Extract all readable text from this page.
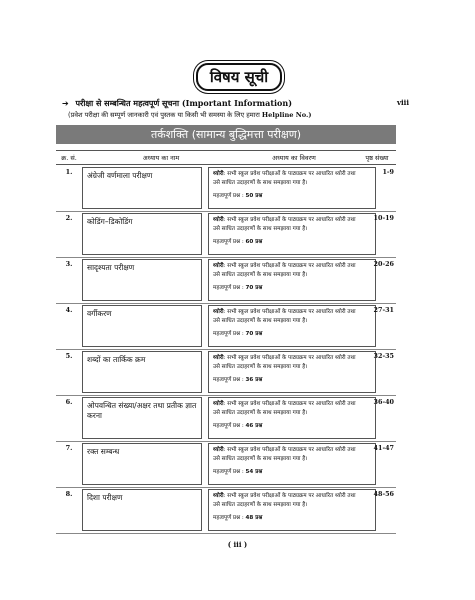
विषय सूची
➔ परीक्षा से सम्बन्धित महत्वपूर्ण सूचना (Important Information)	viii
(प्रवेश परीक्षा की सम्पूर्ण जानकारी एवं पुस्तक या किसी भी समस्या के लिए हमारा Helpline No.)
तर्कशक्ति (सामान्य बुद्धिमत्ता परीक्षण)
क्र. सं.	अध्याय का नाम	अध्याय का विवरण	पृष्ठ संख्या
1.	अंग्रेजी वर्णमाला परीक्षण	थ्योरी: सभी स्कूल प्रवेश परीक्षाओं के पाठ्यक्रम पर आधारित थ्योरी तथा
उसे साधित उदाहरणों के साथ समझाया गया है।
महत्वपूर्ण प्रश्न : 50 प्रश्न
1-9
2.	कोडिंग–डिकोडिंग	थ्योरी: सभी स्कूल प्रवेश परीक्षाओं के पाठ्यक्रम पर आधारित थ्योरी तथा
उसे साधित उदाहरणों के साथ समझाया गया है।
महत्वपूर्ण प्रश्न : 60 प्रश्न
10-19
3.	सादृश्यता परीक्षण	थ्योरी: सभी स्कूल प्रवेश परीक्षाओं के पाठ्यक्रम पर आधारित थ्योरी तथा
उसे साधित उदाहरणों के साथ समझाया गया है।
महत्वपूर्ण प्रश्न : 70 प्रश्न
20-26
4.	वर्गीकरण	थ्योरी: सभी स्कूल प्रवेश परीक्षाओं के पाठ्यक्रम पर आधारित थ्योरी तथा
उसे साधित उदाहरणों के साथ समझाया गया है।
महत्वपूर्ण प्रश्न : 70 प्रश्न
27-31
5.	शब्दों का तार्किक क्रम	थ्योरी: सभी स्कूल प्रवेश परीक्षाओं के पाठ्यक्रम पर आधारित थ्योरी तथा
उसे साधित उदाहरणों के साथ समझाया गया है।
महत्वपूर्ण प्रश्न : 36 प्रश्न
32-35
6.	ओपवन्धित संख्या/अक्षर तथा प्रतीक ज्ञात करना
थ्योरी: सभी स्कूल प्रवेश परीक्षाओं के पाठ्यक्रम पर आधारित थ्योरी तथा
उसे साधित उदाहरणों के साथ समझाया गया है।
महत्वपूर्ण प्रश्न : 46 प्रश्न
36-40
7.	रक्त सम्बन्ध	थ्योरी: सभी स्कूल प्रवेश परीक्षाओं के पाठ्यक्रम पर आधारित थ्योरी तथा
उसे साधित उदाहरणों के साथ समझाया गया है।
महत्वपूर्ण प्रश्न : 54 प्रश्न
41-47
8.	दिशा परीक्षण	थ्योरी: सभी स्कूल प्रवेश परीक्षाओं के पाठ्यक्रम पर आधारित थ्योरी तथा
उसे साधित उदाहरणों के साथ समझाया गया है।
महत्वपूर्ण प्रश्न : 48 प्रश्न
48-56
( iii )
